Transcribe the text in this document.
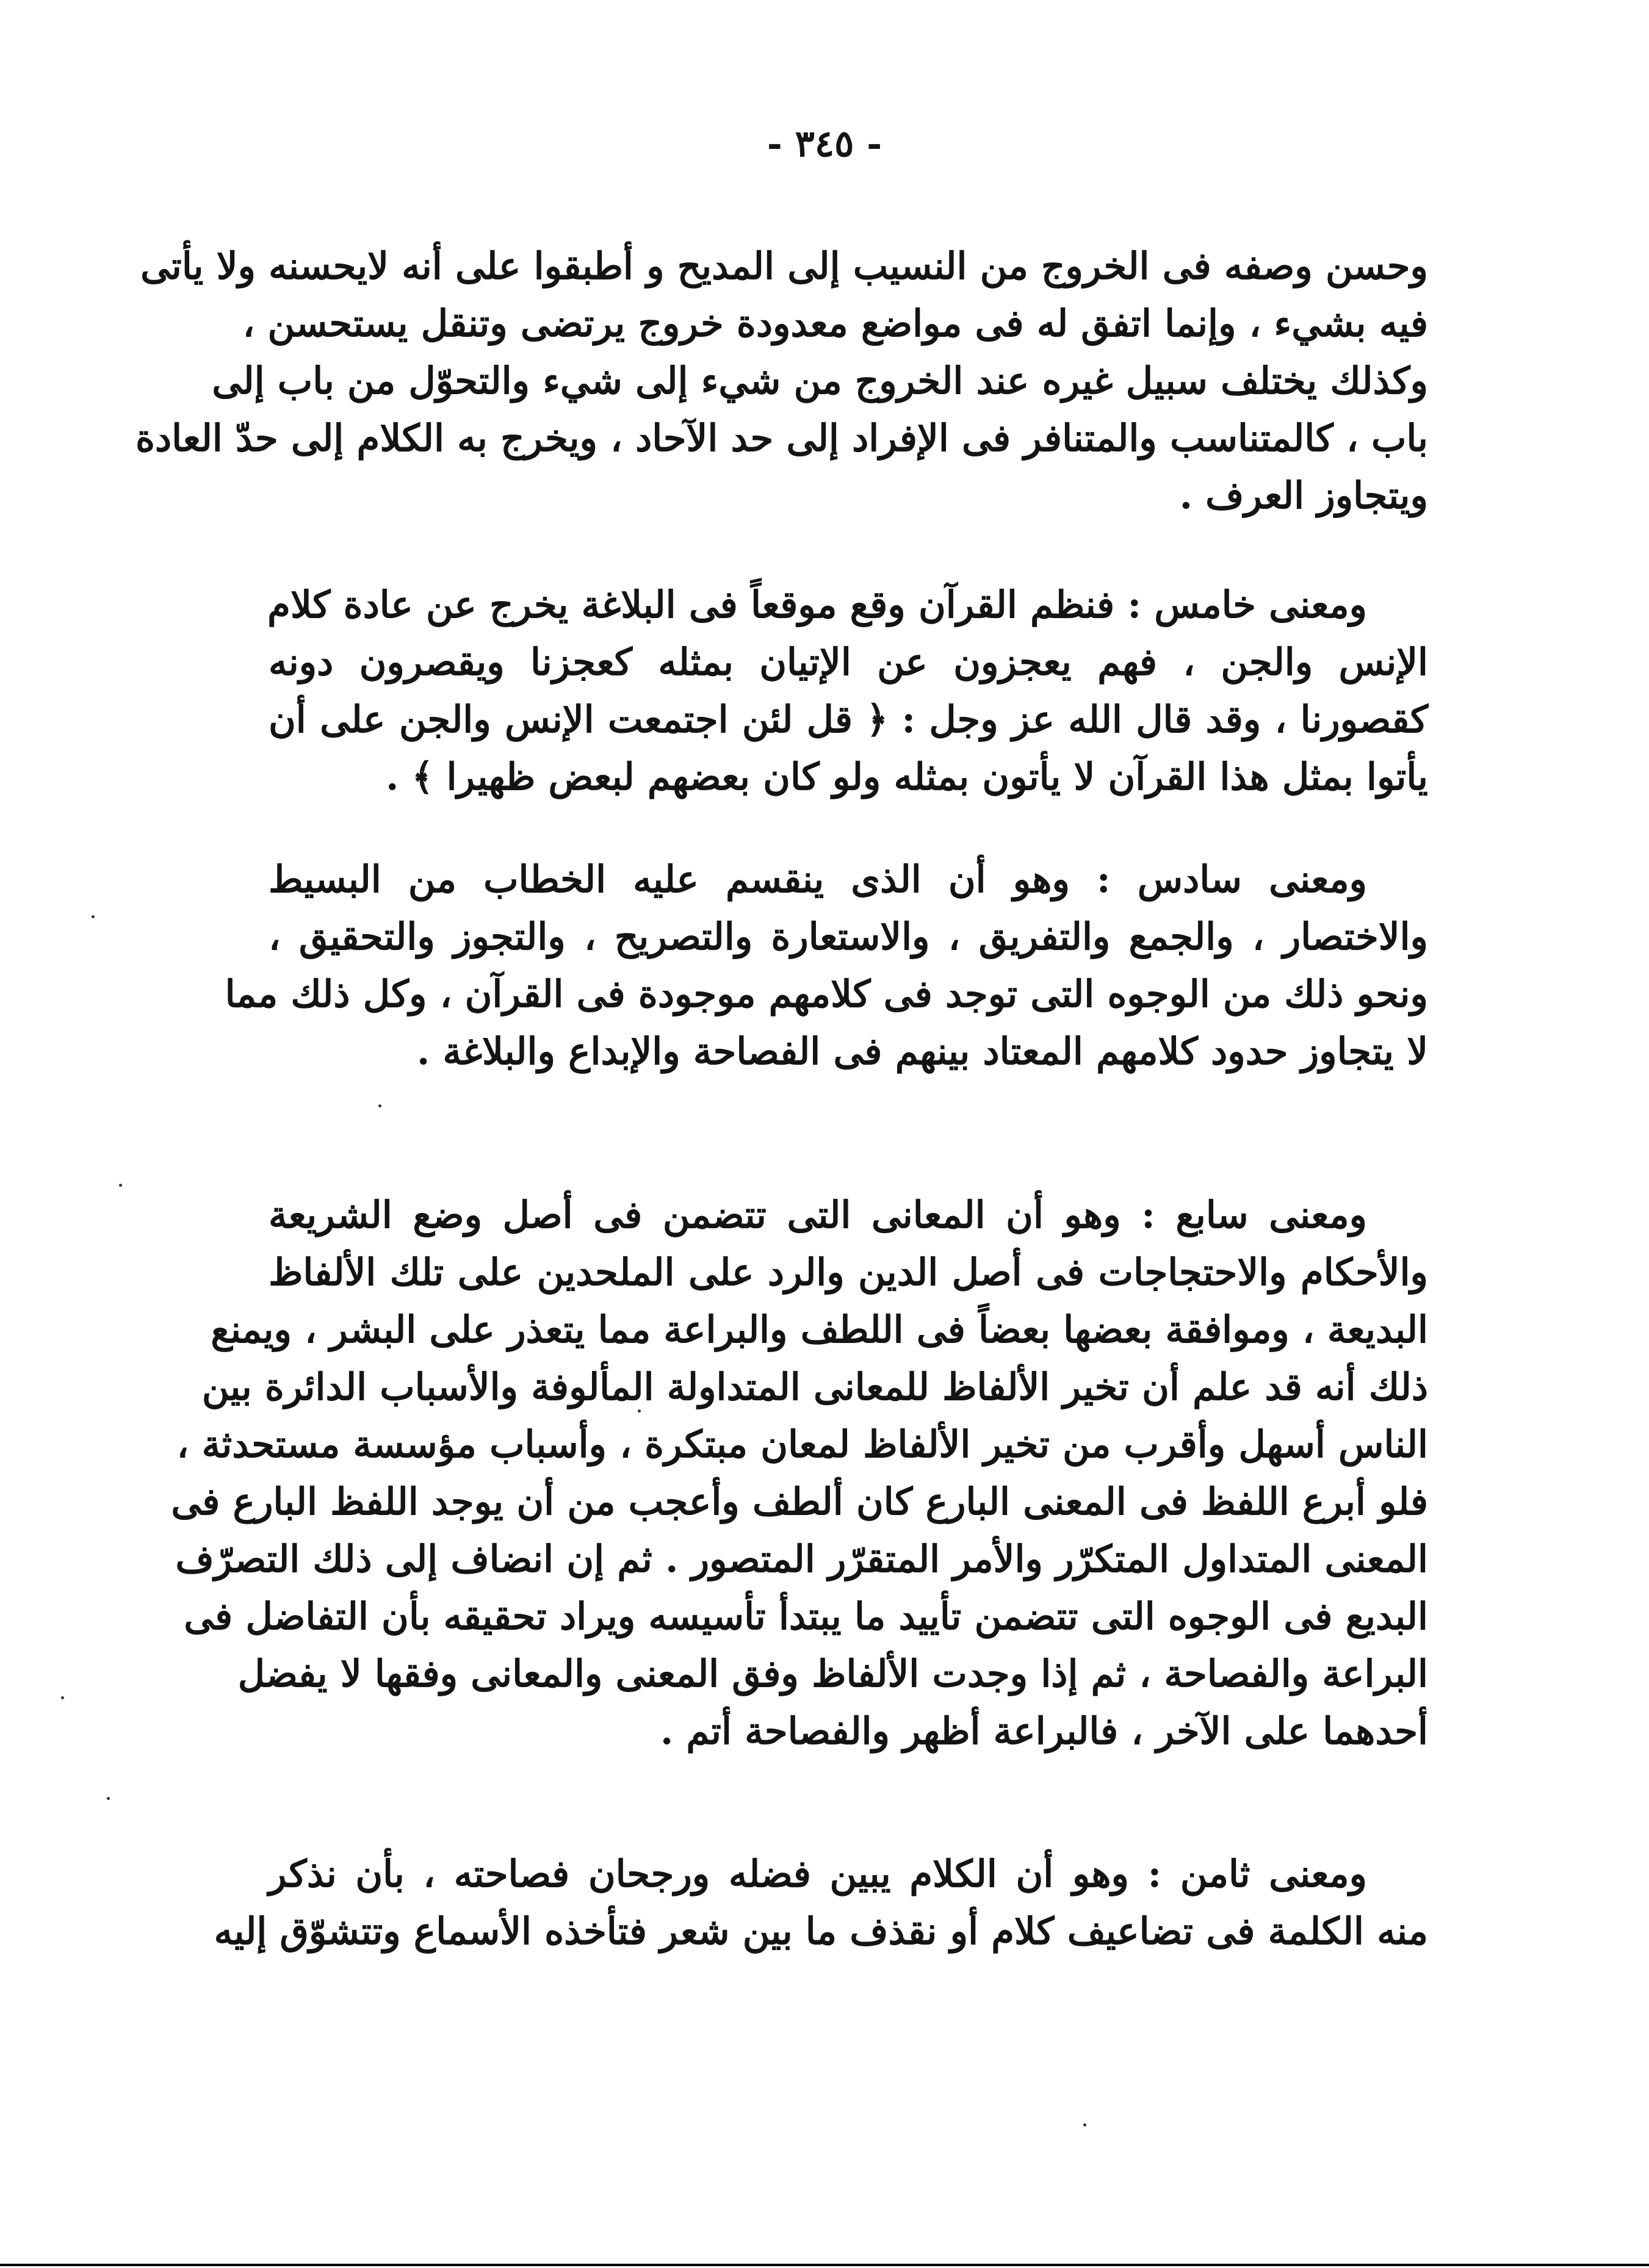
- ٣٤٥ -
وحسن وصفه فى الخروج من النسيب إلى المديح و أطبقوا على أنه لايحسنه ولا يأتى
فيه بشيء ، وإنما اتفق له فى مواضع معدودة خروج يرتضى وتنقل يستحسن ،
وكذلك يختلف سبيل غيره عند الخروج من شيء إلى شيء والتحوّل من باب إلى
باب ، كالمتناسب والمتنافر فى الإفراد إلى حد الآحاد ، ويخرج به الكلام إلى حدّ العادة
ويتجاوز العرف .
ومعنى خامس : فنظم القرآن وقع موقعاً فى البلاغة يخرج عن عادة كلام
الإنس والجن ، فهم يعجزون عن الإتيان بمثله كعجزنا ويقصرون دونه
كقصورنا ، وقد قال الله عز وجل : ﴿ قل لئن اجتمعت الإنس والجن على أن
يأتوا بمثل هذا القرآن لا يأتون بمثله ولو كان بعضهم لبعض ظهيرا ﴾ .
ومعنى سادس : وهو أن الذى ينقسم عليه الخطاب من البسيط
والاختصار ، والجمع والتفريق ، والاستعارة والتصريح ، والتجوز والتحقيق ،
ونحو ذلك من الوجوه التى توجد فى كلامهم موجودة فى القرآن ، وكل ذلك مما
لا يتجاوز حدود كلامهم المعتاد بينهم فى الفصاحة والإبداع والبلاغة .
ومعنى سابع : وهو أن المعانى التى تتضمن فى أصل وضع الشريعة
والأحكام والاحتجاجات فى أصل الدين والرد على الملحدين على تلك الألفاظ
البديعة ، وموافقة بعضها بعضاً فى اللطف والبراعة مما يتعذر على البشر ، ويمنع
ذلك أنه قد علم أن تخير الألفاظ للمعانى المتداولة المألوفة والأسباب الدائرة بين
الناس أسهل وأقرب من تخير الألفاظ لمعان مبتكرة ، وأسباب مؤسسة مستحدثة ،
فلو أبرع اللفظ فى المعنى البارع كان ألطف وأعجب من أن يوجد اللفظ البارع فى
المعنى المتداول المتكرّر والأمر المتقرّر المتصور . ثم إن انضاف إلى ذلك التصرّف
البديع فى الوجوه التى تتضمن تأييد ما يبتدأ تأسيسه ويراد تحقيقه بأن التفاضل فى
البراعة والفصاحة ، ثم إذا وجدت الألفاظ وفق المعنى والمعانى وفقها لا يفضل
أحدهما على الآخر ، فالبراعة أظهر والفصاحة أتم .
ومعنى ثامن : وهو أن الكلام يبين فضله ورجحان فصاحته ، بأن نذكر
منه الكلمة فى تضاعيف كلام أو نقذف ما بين شعر فتأخذه الأسماع وتتشوّق إليه
